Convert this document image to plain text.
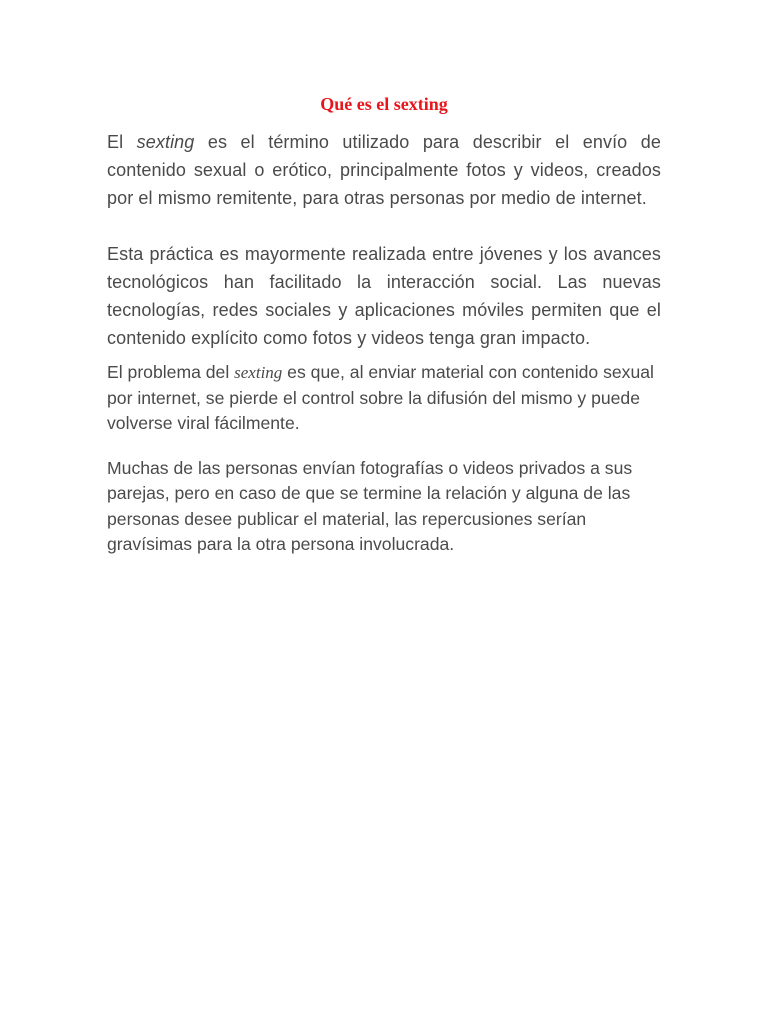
Qué es el sexting

El sexting es el término utilizado para describir el envío de contenido sexual o erótico, principalmente fotos y videos, creados por el mismo remitente, para otras personas por medio de internet.

Esta práctica es mayormente realizada entre jóvenes y los avances tecnológicos han facilitado la interacción social. Las nuevas tecnologías, redes sociales y aplicaciones móviles permiten que el contenido explícito como fotos y videos tenga gran impacto.

El problema del sexting es que, al enviar material con contenido sexual por internet, se pierde el control sobre la difusión del mismo y puede volverse viral fácilmente.

Muchas de las personas envían fotografías o videos privados a sus parejas, pero en caso de que se termine la relación y alguna de las personas desee publicar el material, las repercusiones serían gravísimas para la otra persona involucrada.
